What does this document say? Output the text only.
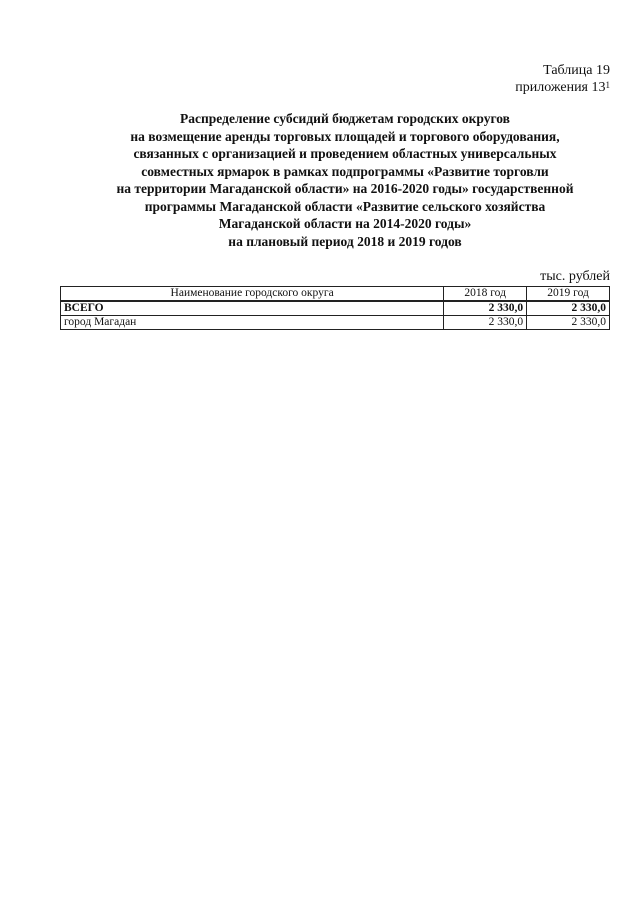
Таблица 19
приложения $13^1$
Распределение субсидий бюджетам городских округов
на возмещение аренды торговых площадей и торгового оборудования,
связанных с организацией и проведением областных универсальных
совместных ярмарок в рамках подпрограммы «Развитие торговли
на территории Магаданской области» на 2016-2020 годы» государственной
программы Магаданской области «Развитие сельского хозяйства
Магаданской области на 2014-2020 годы»
на плановый период 2018 и 2019 годов
тыс. рублей
Наименование городского округа	2018 год	2019 год
ВСЕГО	2 330,0	2 330,0
город Магадан	2 330,0	2 330,0
